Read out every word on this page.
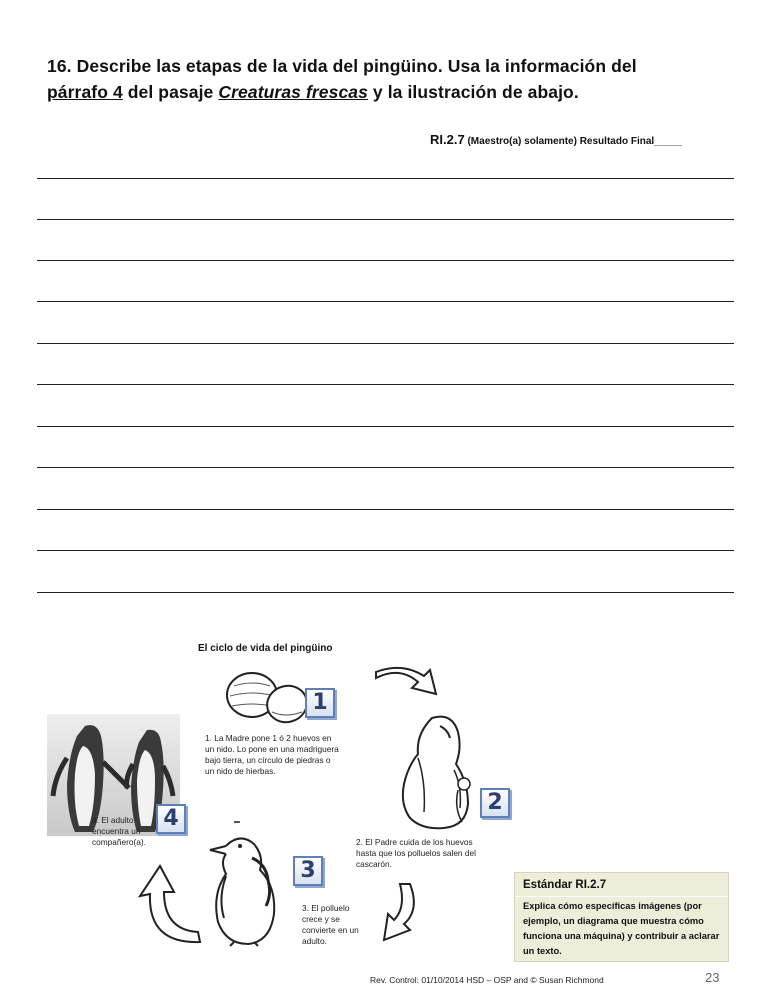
16. Describe las etapas de la vida del pingüino. Usa la información del
párrafo 4 del pasaje Creaturas frescas y la ilustración de abajo.
RI.2.7 (Maestro(a) solamente) Resultado Final_____
El ciclo de vida del pingüino
1
2
3
4
1. La Madre pone 1 ó 2 huevos en un nido. Lo pone en una madriguera bajo tierra, un círculo de piedras o un nido de hierbas.
2. El Padre cuida de los huevos hasta que los polluelos salen del cascarón.
3. El polluelo crece y se convierte en un adulto.
4. El adulto encuentra un compañero(a).
Estándar RI.2.7
Explica cómo específicas imágenes (por ejemplo, un diagrama que muestra cómo funciona una máquina) y contribuir a aclarar un texto.
Rev. Control: 01/10/2014 HSD – OSP and © Susan Richmond	23
